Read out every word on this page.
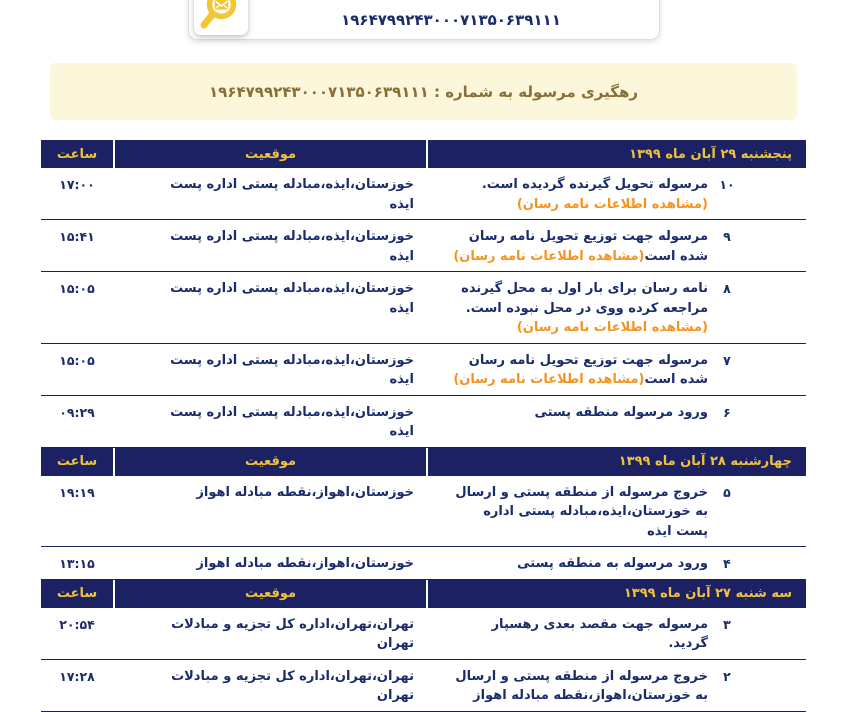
۱۹۶۴۷۹۹۲۴۳۰۰۰۷۱۳۵۰۶۳۹۱۱۱
رهگیری مرسوله به شماره : ۱۹۶۴۷۹۹۲۴۳۰۰۰۷۱۳۵۰۶۳۹۱۱۱
پنجشنبه ۲۹ آبان ماه ۱۳۹۹
موقعیت
ساعت
۱۰
مرسوله تحویل گیرنده گردیده است.(مشاهده اطلاعات نامه رسان)
خوزستان،ایذه،مبادله پستی اداره پست ایذه
۱۷:۰۰
۹
مرسوله جهت توزیع تحویل نامه رسان شده است(مشاهده اطلاعات نامه رسان)
خوزستان،ایذه،مبادله پستی اداره پست ایذه
۱۵:۴۱
۸
نامه رسان برای بار اول به محل گیرنده مراجعه کرده ووی در محل نبوده است.(مشاهده اطلاعات نامه رسان)
خوزستان،ایذه،مبادله پستی اداره پست ایذه
۱۵:۰۵
۷
مرسوله جهت توزیع تحویل نامه رسان شده است(مشاهده اطلاعات نامه رسان)
خوزستان،ایذه،مبادله پستی اداره پست ایذه
۱۵:۰۵
۶
ورود مرسوله منطقه پستی
خوزستان،ایذه،مبادله پستی اداره پست ایذه
۰۹:۲۹
چهارشنبه ۲۸ آبان ماه ۱۳۹۹
موقعیت
ساعت
۵
خروج مرسوله از منطقه پستی و ارسال به خوزستان،ایذه،مبادله پستی اداره پست ایذه
خوزستان،اهواز،نقطه مبادله اهواز
۱۹:۱۹
۴
ورود مرسوله به منطقه پستی
خوزستان،اهواز،نقطه مبادله اهواز
۱۳:۱۵
سه شنبه ۲۷ آبان ماه ۱۳۹۹
موقعیت
ساعت
۳
مرسوله جهت مقصد بعدی رهسپار گردید.
تهران،تهران،اداره کل تجزیه و مبادلات تهران
۲۰:۵۴
۲
خروج مرسوله از منطقه پستی و ارسال به خوزستان،اهواز،نقطه مبادله اهواز
تهران،تهران،اداره کل تجزیه و مبادلات تهران
۱۷:۲۸
